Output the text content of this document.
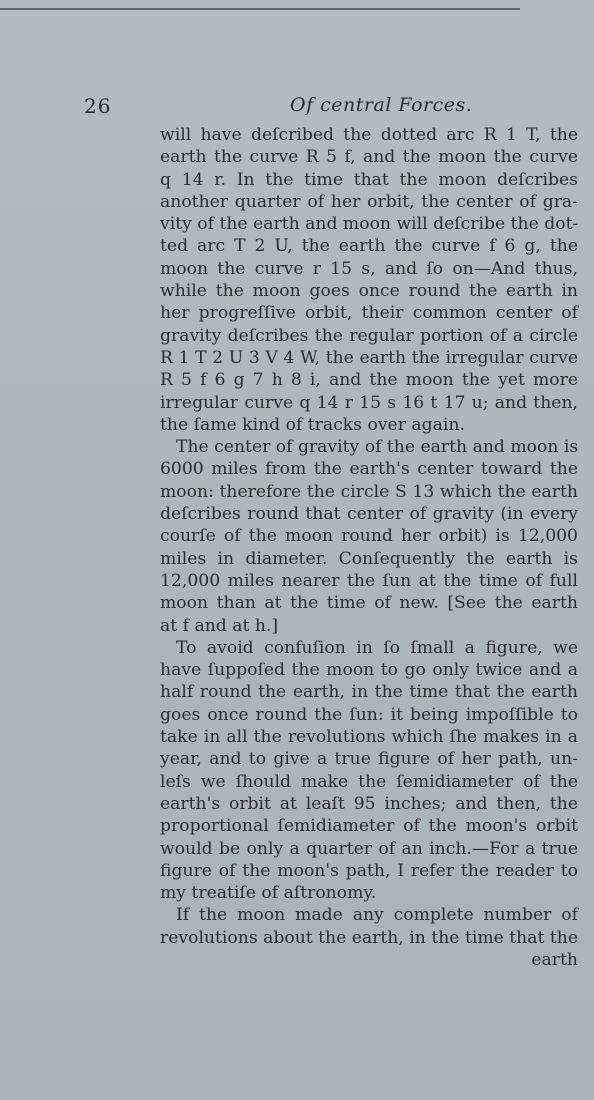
26	Of central Forces.
will have deſcribed the dotted arc R 1 T, the
earth the curve R 5 f, and the moon the curve
q 14 r. In the time that the moon deſcribes
another quarter of her orbit, the center of gra-
vity of the earth and moon will deſcribe the dot-
ted arc T 2 U, the earth the curve f 6 g, the
moon the curve r 15 s, and ſo on—And thus,
while the moon goes once round the earth in
her progreſſive orbit, their common center of
gravity deſcribes the regular portion of a circle
R 1 T 2 U 3 V 4 W, the earth the irregular curve
R 5 f 6 g 7 h 8 i, and the moon the yet more
irregular curve q 14 r 15 s 16 t 17 u; and then,
the ſame kind of tracks over again.
The center of gravity of the earth and moon is
6000 miles from the earth's center toward the
moon: therefore the circle S 13 which the earth
deſcribes round that center of gravity (in every
courſe of the moon round her orbit) is 12,000
miles in diameter. Conſequently the earth is
12,000 miles nearer the ſun at the time of full
moon than at the time of new. [See the earth
at f and at h.]
To avoid confuſion in ſo ſmall a figure, we
have ſuppoſed the moon to go only twice and a
half round the earth, in the time that the earth
goes once round the ſun: it being impoſſible to
take in all the revolutions which ſhe makes in a
year, and to give a true figure of her path, un-
leſs we ſhould make the ſemidiameter of the
earth's orbit at leaſt 95 inches; and then, the
proportional ſemidiameter of the moon's orbit
would be only a quarter of an inch.—For a true
figure of the moon's path, I refer the reader to
my treatiſe of aſtronomy.
If the moon made any complete number of
revolutions about the earth, in the time that the
earth
